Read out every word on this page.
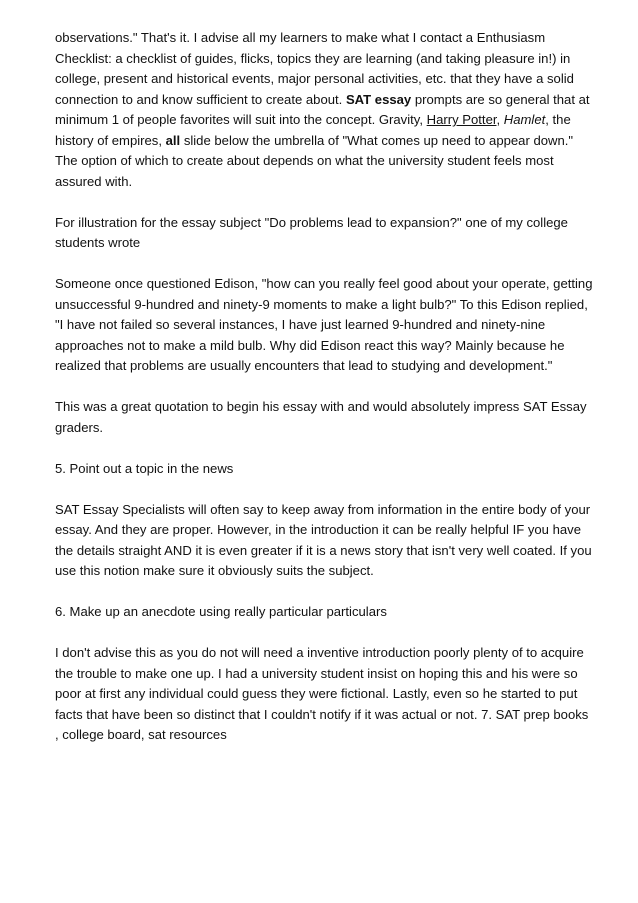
observations." That's it. I advise all my learners to make what I contact a Enthusiasm
Checklist: a checklist of guides, flicks, topics they are learning (and taking pleasure in!) in
college, present and historical events, major personal activities, etc. that they have a solid
connection to and know sufficient to create about. SAT essay prompts are so general that at
minimum 1 of people favorites will suit into the concept. Gravity, Harry Potter, Hamlet, the
history of empires, all slide below the umbrella of "What comes up need to appear down."
The option of which to create about depends on what the university student feels most
assured with.

For illustration for the essay subject "Do problems lead to expansion?" one of my college
students wrote

Someone once questioned Edison, "how can you really feel good about your operate, getting
unsuccessful 9-hundred and ninety-9 moments to make a light bulb?" To this Edison replied,
"I have not failed so several instances, I have just learned 9-hundred and ninety-nine
approaches not to make a mild bulb. Why did Edison react this way? Mainly because he
realized that problems are usually encounters that lead to studying and development."

This was a great quotation to begin his essay with and would absolutely impress SAT Essay
graders.

5. Point out a topic in the news

SAT Essay Specialists will often say to keep away from information in the entire body of your
essay. And they are proper. However, in the introduction it can be really helpful IF you have
the details straight AND it is even greater if it is a news story that isn't very well coated. If you
use this notion make sure it obviously suits the subject.

6. Make up an anecdote using really particular particulars

I don't advise this as you do not will need a inventive introduction poorly plenty of to acquire
the trouble to make one up. I had a university student insist on hoping this and his were so
poor at first any individual could guess they were fictional. Lastly, even so he started to put
facts that have been so distinct that I couldn't notify if it was actual or not. 7. SAT prep books
, college board, sat resources
